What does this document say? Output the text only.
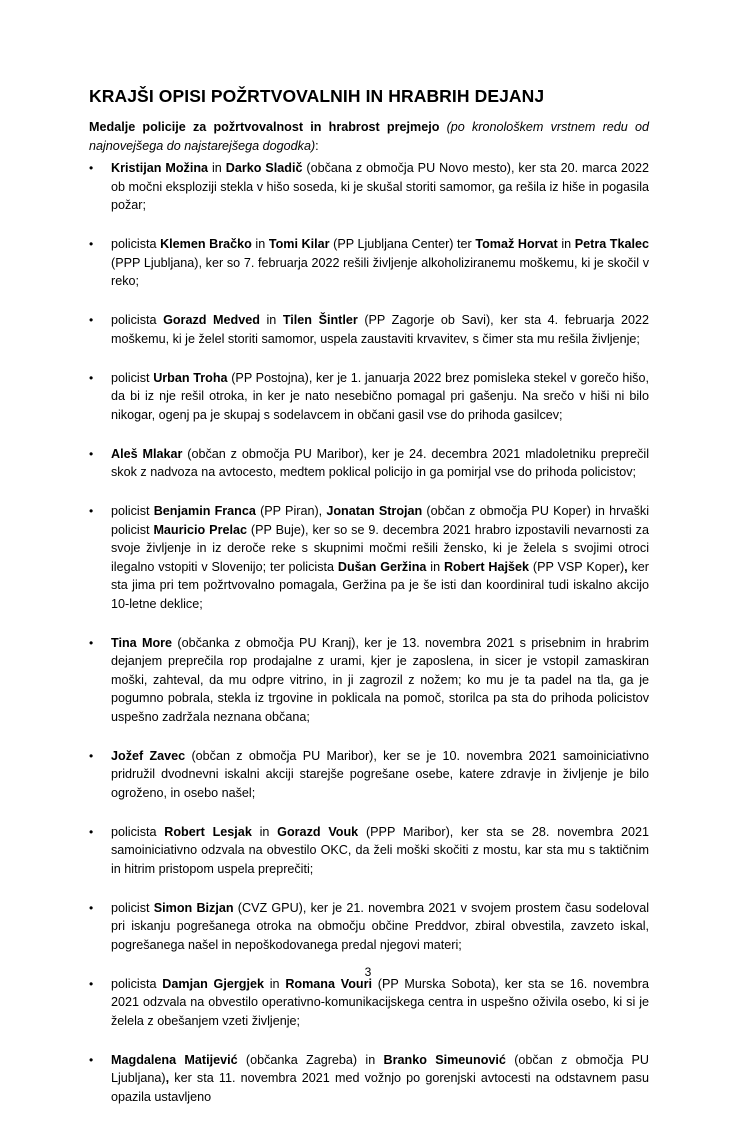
KRAJŠI OPISI POŽRTVOVALNIH IN HRABRIH DEJANJ

Medalje policije za požrtvovalnost in hrabrost prejmejo (po kronološkem vrstnem redu od najnovejšega do najstarejšega dogodka):

• Kristijan Možina in Darko Sladič (občana z območja PU Novo mesto), ker sta 20. marca 2022 ob močni eksploziji stekla v hišo soseda, ki je skušal storiti samomor, ga rešila iz hiše in pogasila požar;
• policista Klemen Bračko in Tomi Kilar (PP Ljubljana Center) ter Tomaž Horvat in Petra Tkalec (PPP Ljubljana), ker so 7. februarja 2022 rešili življenje alkoholiziranemu moškemu, ki je skočil v reko;
• policista Gorazd Medved in Tilen Šintler (PP Zagorje ob Savi), ker sta 4. februarja 2022 moškemu, ki je želel storiti samomor, uspela zaustaviti krvavitev, s čimer sta mu rešila življenje;
• policist Urban Troha (PP Postojna), ker je 1. januarja 2022 brez pomisleka stekel v gorečo hišo, da bi iz nje rešil otroka, in ker je nato nesebično pomagal pri gašenju. Na srečo v hiši ni bilo nikogar, ogenj pa je skupaj s sodelavcem in občani gasil vse do prihoda gasilcev;
• Aleš Mlakar (občan z območja PU Maribor), ker je 24. decembra 2021 mladoletniku preprečil skok z nadvoza na avtocesto, medtem poklical policijo in ga pomirjal vse do prihoda policistov;
• policist Benjamin Franca (PP Piran), Jonatan Strojan (občan z območja PU Koper) in hrvaški policist Mauricio Prelac (PP Buje), ker so se 9. decembra 2021 hrabro izpostavili nevarnosti za svoje življenje in iz deroče reke s skupnimi močmi rešili žensko, ki je želela s svojimi otroci ilegalno vstopiti v Slovenijo; ter policista Dušan Geržina in Robert Hajšek (PP VSP Koper), ker sta jima pri tem požrtvovalno pomagala, Geržina pa je še isti dan koordiniral tudi iskalno akcijo 10-letne deklice;
• Tina More (občanka z območja PU Kranj), ker je 13. novembra 2021 s prisebnim in hrabrim dejanjem preprečila rop prodajalne z urami, kjer je zaposlena, in sicer je vstopil zamaskiran moški, zahteval, da mu odpre vitrino, in ji zagrozil z nožem; ko mu je ta padel na tla, ga je pogumno pobrala, stekla iz trgovine in poklicala na pomoč, storilca pa sta do prihoda policistov uspešno zadržala neznana občana;
• Jožef Zavec (občan z območja PU Maribor), ker se je 10. novembra 2021 samoiniciativno pridružil dvodnevni iskalni akciji starejše pogrešane osebe, katere zdravje in življenje je bilo ogroženo, in osebo našel;
• policista Robert Lesjak in Gorazd Vouk (PPP Maribor), ker sta se 28. novembra 2021 samoiniciativno odzvala na obvestilo OKC, da želi moški skočiti z mostu, kar sta mu s taktičnim in hitrim pristopom uspela preprečiti;
• policist Simon Bizjan (CVZ GPU), ker je 21. novembra 2021 v svojem prostem času sodeloval pri iskanju pogrešanega otroka na območju občine Preddvor, zbiral obvestila, zavzeto iskal, pogrešanega našel in nepoškodovanega predal njegovi materi;
• policista Damjan Gjergjek in Romana Vouri (PP Murska Sobota), ker sta se 16. novembra 2021 odzvala na obvestilo operativno-komunikacijskega centra in uspešno oživila osebo, ki si je želela z obešanjem vzeti življenje;
• Magdalena Matijević (občanka Zagreba) in Branko Simeunović (občan z območja PU Ljubljana), ker sta 11. novembra 2021 med vožnjo po gorenjski avtocesti na odstavnem pasu opazila ustavljeno
3
